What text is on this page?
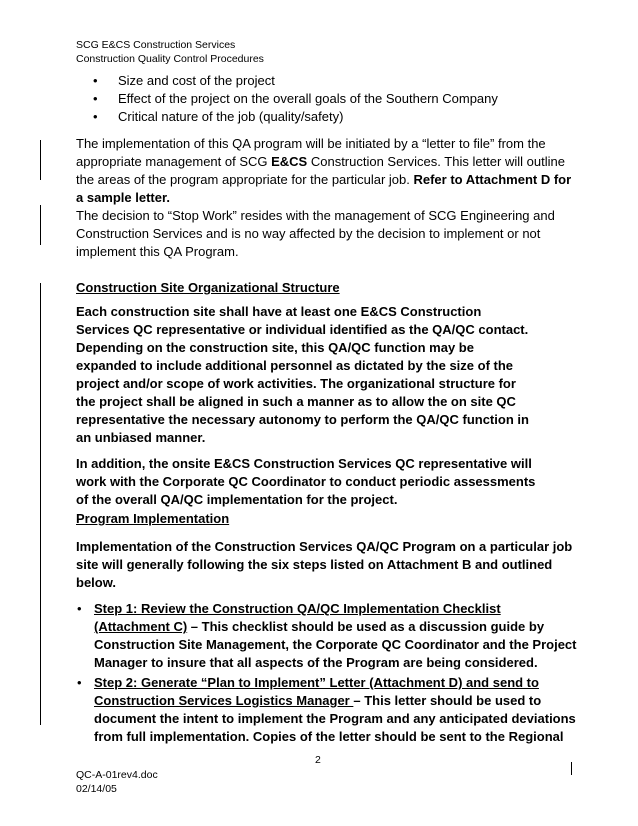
SCG E&CS Construction Services
Construction Quality Control Procedures
• Size and cost of the project
• Effect of the project on the overall goals of the Southern Company
• Critical nature of the job (quality/safety)
The implementation of this QA program will be initiated by a “letter to file” from the
appropriate management of SCG E&CS Construction Services. This letter will outline
the areas of the program appropriate for the particular job. Refer to Attachment D for
a sample letter.
The decision to “Stop Work” resides with the management of SCG Engineering and
Construction Services and is no way affected by the decision to implement or not
implement this QA Program.
Construction Site Organizational Structure
Each construction site shall have at least one E&CS Construction
Services QC representative or individual identified as the QA/QC contact.
Depending on the construction site, this QA/QC function may be
expanded to include additional personnel as dictated by the size of the
project and/or scope of work activities. The organizational structure for
the project shall be aligned in such a manner as to allow the on site QC
representative the necessary autonomy to perform the QA/QC function in
an unbiased manner.
In addition, the onsite E&CS Construction Services QC representative will
work with the Corporate QC Coordinator to conduct periodic assessments
of the overall QA/QC implementation for the project.
Program Implementation
Implementation of the Construction Services QA/QC Program on a particular job
site will generally following the six steps listed on Attachment B and outlined
below.
• Step 1: Review the Construction QA/QC Implementation Checklist
(Attachment C) – This checklist should be used as a discussion guide by
Construction Site Management, the Corporate QC Coordinator and the Project
Manager to insure that all aspects of the Program are being considered.
• Step 2: Generate “Plan to Implement” Letter (Attachment D) and send to
Construction Services Logistics Manager – This letter should be used to
document the intent to implement the Program and any anticipated deviations
from full implementation. Copies of the letter should be sent to the Regional
2
QC-A-01rev4.doc
02/14/05
